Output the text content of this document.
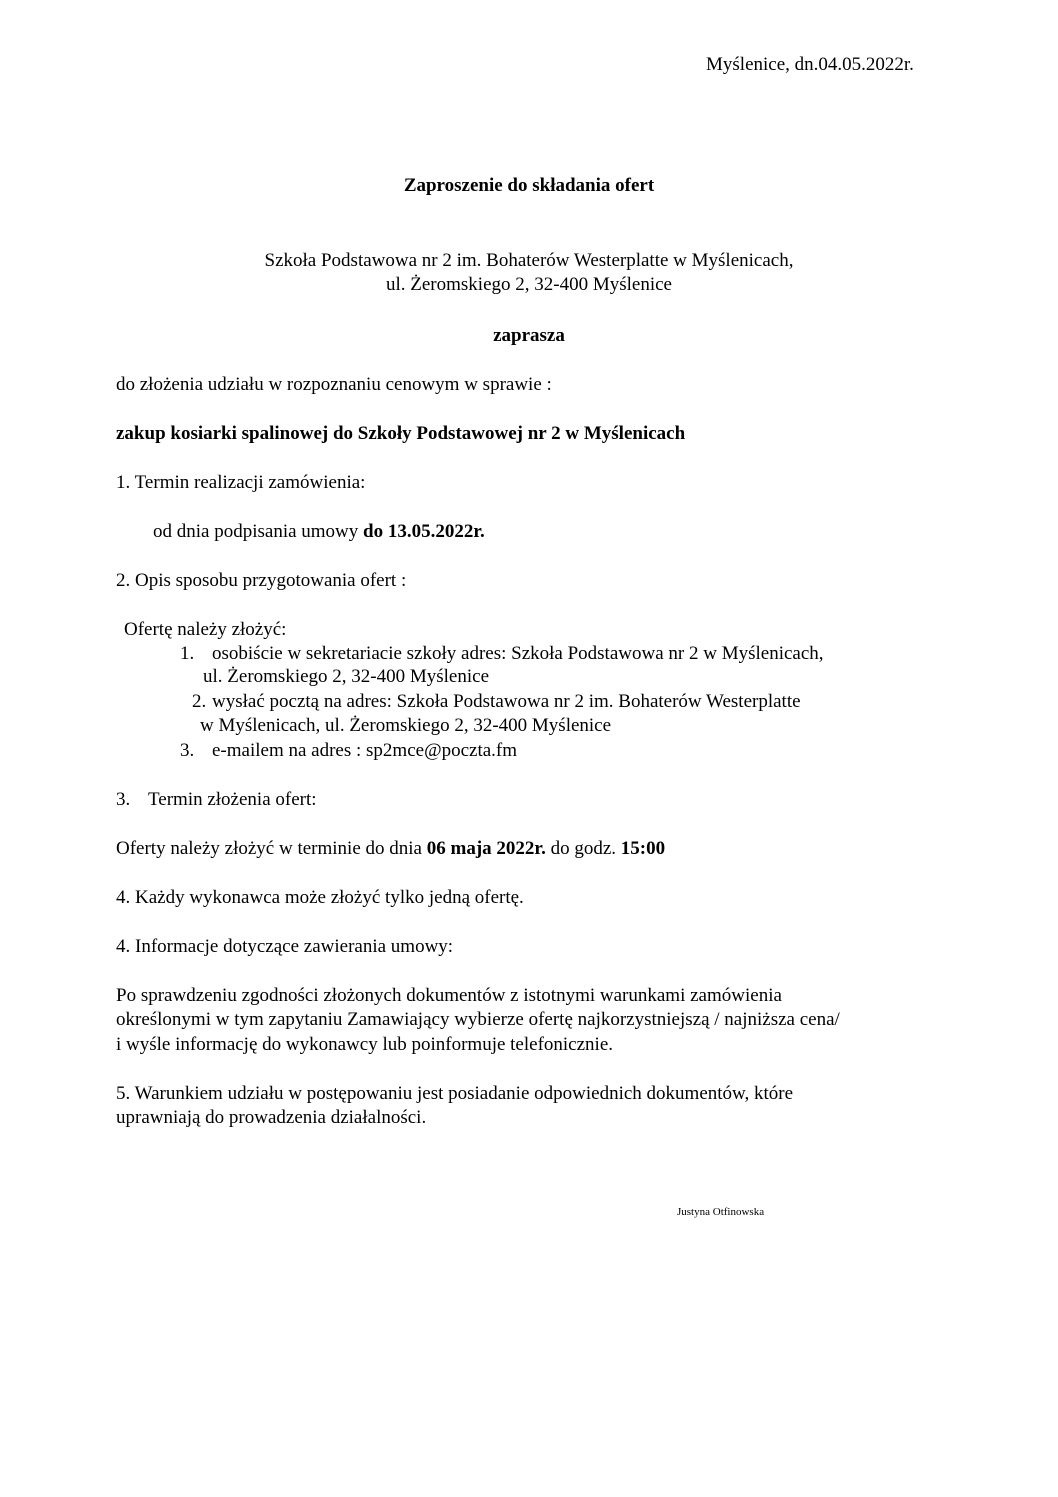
Myślenice, dn.04.05.2022r.
Zaproszenie do składania ofert
Szkoła Podstawowa nr 2 im. Bohaterów Westerplatte w Myślenicach,
ul. Żeromskiego 2, 32-400 Myślenice
zaprasza
do złożenia udziału w rozpoznaniu cenowym w sprawie :
zakup kosiarki spalinowej do Szkoły Podstawowej nr 2 w Myślenicach
1. Termin realizacji zamówienia:
od dnia podpisania umowy do 13.05.2022r.
2. Opis sposobu przygotowania ofert :
Ofertę należy złożyć:
1. osobiście w sekretariacie szkoły adres: Szkoła Podstawowa nr 2 w Myślenicach,
ul. Żeromskiego 2, 32-400 Myślenice
2. wysłać pocztą na adres: Szkoła Podstawowa nr 2 im. Bohaterów Westerplatte
w Myślenicach, ul. Żeromskiego 2, 32-400 Myślenice
3. e-mailem na adres : sp2mce@poczta.fm
3. Termin złożenia ofert:
Oferty należy złożyć w terminie do dnia 06 maja 2022r. do godz. 15:00
4. Każdy wykonawca może złożyć tylko jedną ofertę.
4. Informacje dotyczące zawierania umowy:
Po sprawdzeniu zgodności złożonych dokumentów z istotnymi warunkami zamówienia
określonymi w tym zapytaniu Zamawiający wybierze ofertę najkorzystniejszą / najniższa cena/
i wyśle informację do wykonawcy lub poinformuje telefonicznie.
5. Warunkiem udziału w postępowaniu jest posiadanie odpowiednich dokumentów, które
uprawniają do prowadzenia działalności.
Justyna Otfinowska
